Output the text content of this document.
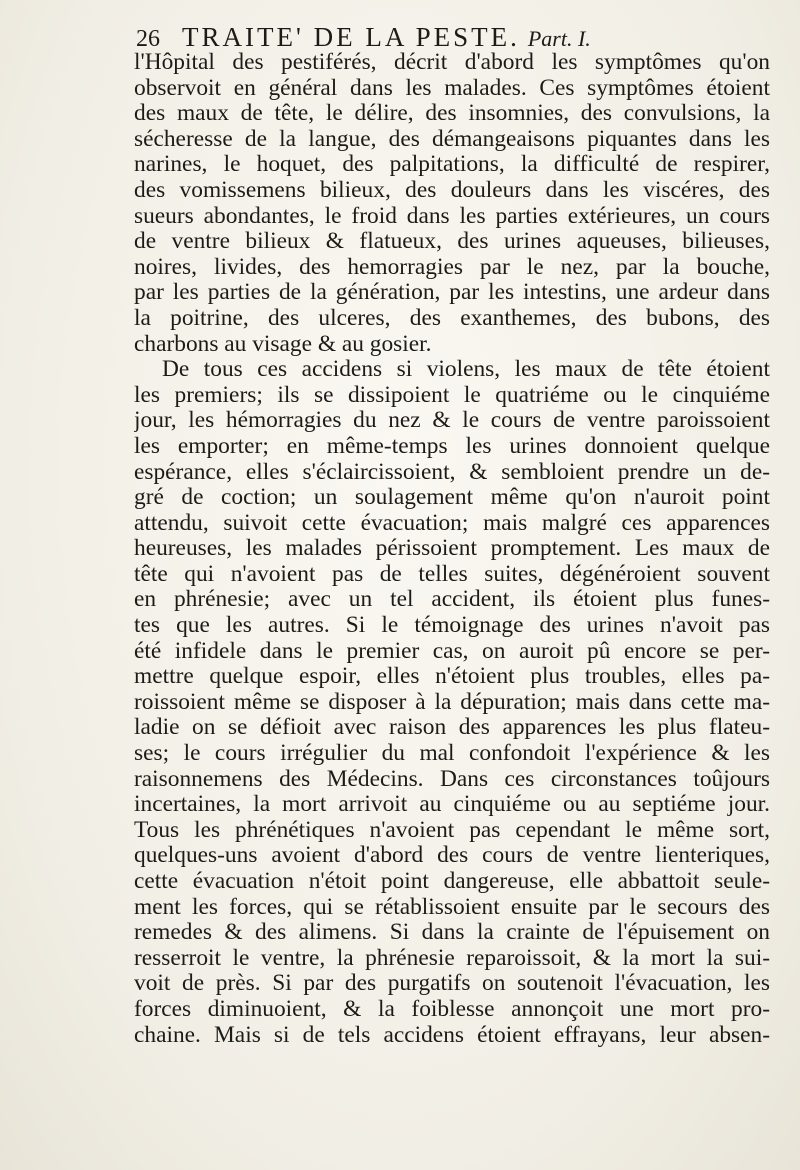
26 TRAITE' DE LA PESTE. Part. I.
l'Hôpital des pestiférés, décrit d'abord les symptômes qu'on
observoit en général dans les malades. Ces symptômes étoient
des maux de tête, le délire, des insomnies, des convulsions, la
sécheresse de la langue, des démangeaisons piquantes dans les
narines, le hoquet, des palpitations, la difficulté de respirer,
des vomissemens bilieux, des douleurs dans les viscéres, des
sueurs abondantes, le froid dans les parties extérieures, un cours
de ventre bilieux & flatueux, des urines aqueuses, bilieuses,
noires, livides, des hemorragies par le nez, par la bouche,
par les parties de la génération, par les intestins, une ardeur dans
la poitrine, des ulceres, des exanthemes, des bubons, des
charbons au visage & au gosier.
De tous ces accidens si violens, les maux de tête étoient
les premiers; ils se dissipoient le quatriéme ou le cinquiéme
jour, les hémorragies du nez & le cours de ventre paroissoient
les emporter; en même-temps les urines donnoient quelque
espérance, elles s'éclaircissoient, & sembloient prendre un de-
gré de coction; un soulagement même qu'on n'auroit point
attendu, suivoit cette évacuation; mais malgré ces apparences
heureuses, les malades périssoient promptement. Les maux de
tête qui n'avoient pas de telles suites, dégénéroient souvent
en phrénesie; avec un tel accident, ils étoient plus funes-
tes que les autres. Si le témoignage des urines n'avoit pas
été infidele dans le premier cas, on auroit pû encore se per-
mettre quelque espoir, elles n'étoient plus troubles, elles pa-
roissoient même se disposer à la dépuration; mais dans cette ma-
ladie on se défioit avec raison des apparences les plus flateu-
ses; le cours irrégulier du mal confondoit l'expérience & les
raisonnemens des Médecins. Dans ces circonstances toûjours
incertaines, la mort arrivoit au cinquiéme ou au septiéme jour.
Tous les phrénétiques n'avoient pas cependant le même sort,
quelques-uns avoient d'abord des cours de ventre lienteriques,
cette évacuation n'étoit point dangereuse, elle abbattoit seule-
ment les forces, qui se rétablissoient ensuite par le secours des
remedes & des alimens. Si dans la crainte de l'épuisement on
resserroit le ventre, la phrénesie reparoissoit, & la mort la sui-
voit de près. Si par des purgatifs on soutenoit l'évacuation, les
forces diminuoient, & la foiblesse annonçoit une mort pro-
chaine. Mais si de tels accidens étoient effrayans, leur absen-
